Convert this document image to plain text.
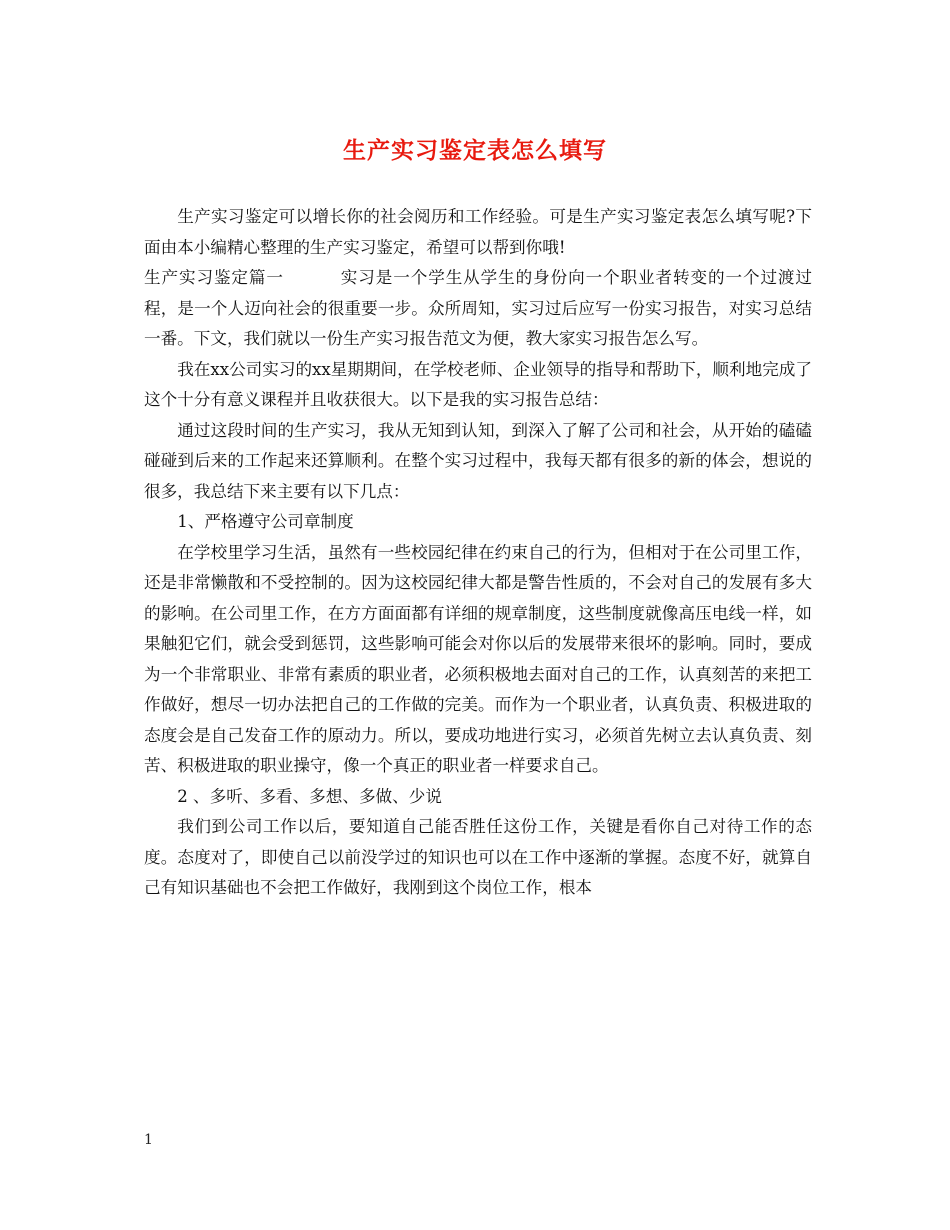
生产实习鉴定表怎么填写

生产实习鉴定可以增长你的社会阅历和工作经验。可是生产实习鉴定表怎么填写呢?下面由本小编精心整理的生产实习鉴定，希望可以帮到你哦!

生产实习鉴定篇一	实习是一个学生从学生的身份向一个职业者转变的一个过渡过程，是一个人迈向社会的很重要一步。众所周知，实习过后应写一份实习报告，对实习总结一番。下文，我们就以一份生产实习报告范文为便，教大家实习报告怎么写。

我在xx公司实习的xx星期期间，在学校老师、企业领导的指导和帮助下，顺利地完成了这个十分有意义课程并且收获很大。以下是我的实习报告总结：

通过这段时间的生产实习，我从无知到认知，到深入了解了公司和社会，从开始的磕磕碰碰到后来的工作起来还算顺利。在整个实习过程中，我每天都有很多的新的体会，想说的很多，我总结下来主要有以下几点：

1、严格遵守公司章制度

在学校里学习生活，虽然有一些校园纪律在约束自己的行为，但相对于在公司里工作，还是非常懒散和不受控制的。因为这校园纪律大都是警告性质的，不会对自己的发展有多大的影响。在公司里工作，在方方面面都有详细的规章制度，这些制度就像高压电线一样，如果触犯它们，就会受到惩罚，这些影响可能会对你以后的发展带来很坏的影响。同时，要成为一个非常职业、非常有素质的职业者，必须积极地去面对自己的工作，认真刻苦的来把工作做好，想尽一切办法把自己的工作做的完美。而作为一个职业者，认真负责、积极进取的态度会是自己发奋工作的原动力。所以，要成功地进行实习，必须首先树立去认真负责、刻苦、积极进取的职业操守，像一个真正的职业者一样要求自己。

2 、多听、多看、多想、多做、少说

我们到公司工作以后，要知道自己能否胜任这份工作，关键是看你自己对待工作的态度。态度对了，即使自己以前没学过的知识也可以在工作中逐渐的掌握。态度不好，就算自己有知识基础也不会把工作做好，我刚到这个岗位工作，根本

1
